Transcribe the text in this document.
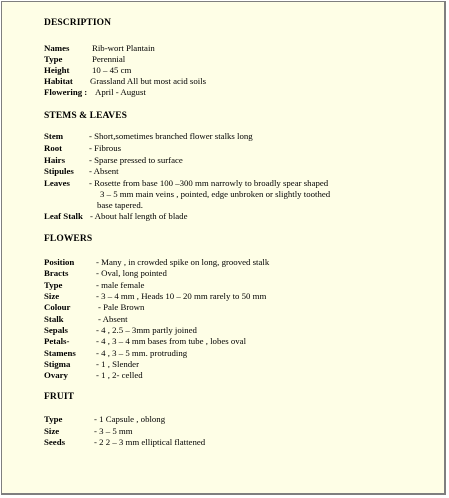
DESCRIPTION
Names	Rib-wort Plantain
Type	Perennial
Height	10 – 45 cm
Habitat Grassland All but most acid soils
Flowering : April - August
STEMS & LEAVES
Stem	- Short,sometimes branched flower stalks long
Root	- Fibrous
Hairs	- Sparse pressed to surface
Stipules - Absent
Leaves - Rosette from base 100 –300 mm narrowly to broadly spear shaped
3 – 5 mm main veins , pointed, edge unbroken or slightly toothed
base tapered.
Leaf Stalk - About half length of blade
FLOWERS
Position - Many , in crowded spike on long, grooved stalk
Bracts	- Oval, long pointed
Type	- male female
Size	- 3 – 4 mm , Heads 10 – 20 mm rarely to 50 mm
Colour	- Pale Brown
Stalk	- Absent
Sepals	- 4 , 2.5 – 3mm partly joined
Petals-	- 4 , 3 – 4 mm bases from tube , lobes oval
Stamens - 4 , 3 – 5 mm. protruding
Stigma	- 1 , Slender
Ovary	- 1 , 2- celled
FRUIT
Type	- 1 Capsule , oblong
Size	- 3 – 5 mm
Seeds	- 2 2 – 3 mm elliptical flattened
